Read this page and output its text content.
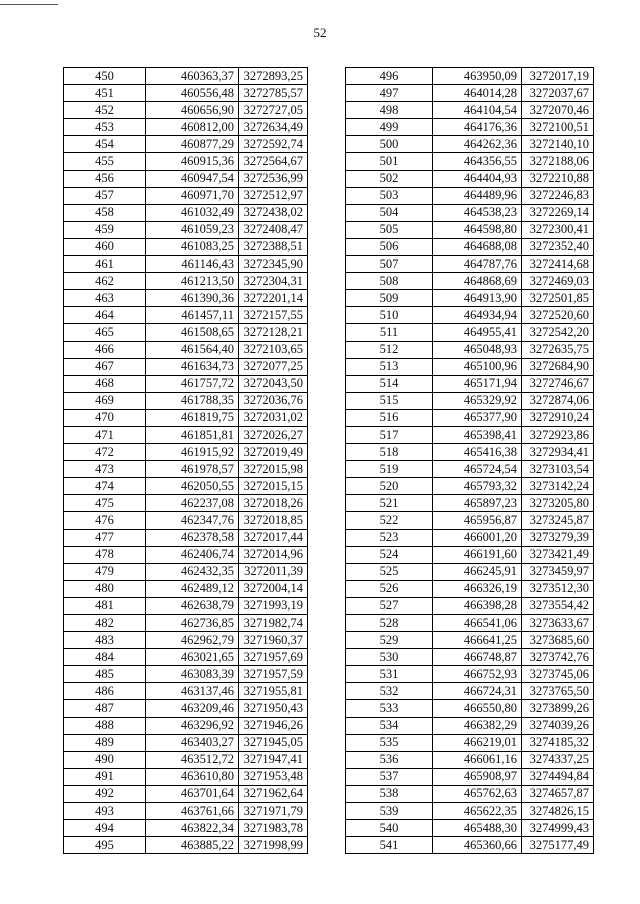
52
450	460363,37	3272893,25
451	460556,48	3272785,57
452	460656,90	3272727,05
453	460812,00	3272634,49
454	460877,29	3272592,74
455	460915,36	3272564,67
456	460947,54	3272536,99
457	460971,70	3272512,97
458	461032,49	3272438,02
459	461059,23	3272408,47
460	461083,25	3272388,51
461	461146,43	3272345,90
462	461213,50	3272304,31
463	461390,36	3272201,14
464	461457,11	3272157,55
465	461508,65	3272128,21
466	461564,40	3272103,65
467	461634,73	3272077,25
468	461757,72	3272043,50
469	461788,35	3272036,76
470	461819,75	3272031,02
471	461851,81	3272026,27
472	461915,92	3272019,49
473	461978,57	3272015,98
474	462050,55	3272015,15
475	462237,08	3272018,26
476	462347,76	3272018,85
477	462378,58	3272017,44
478	462406,74	3272014,96
479	462432,35	3272011,39
480	462489,12	3272004,14
481	462638,79	3271993,19
482	462736,85	3271982,74
483	462962,79	3271960,37
484	463021,65	3271957,69
485	463083,39	3271957,59
486	463137,46	3271955,81
487	463209,46	3271950,43
488	463296,92	3271946,26
489	463403,27	3271945,05
490	463512,72	3271947,41
491	463610,80	3271953,48
492	463701,64	3271962,64
493	463761,66	3271971,79
494	463822,34	3271983,78
495	463885,22	3271998,99
496	463950,09	3272017,19
497	464014,28	3272037,67
498	464104,54	3272070,46
499	464176,36	3272100,51
500	464262,36	3272140,10
501	464356,55	3272188,06
502	464404,93	3272210,88
503	464489,96	3272246,83
504	464538,23	3272269,14
505	464598,80	3272300,41
506	464688,08	3272352,40
507	464787,76	3272414,68
508	464868,69	3272469,03
509	464913,90	3272501,85
510	464934,94	3272520,60
511	464955,41	3272542,20
512	465048,93	3272635,75
513	465100,96	3272684,90
514	465171,94	3272746,67
515	465329,92	3272874,06
516	465377,90	3272910,24
517	465398,41	3272923,86
518	465416,38	3272934,41
519	465724,54	3273103,54
520	465793,32	3273142,24
521	465897,23	3273205,80
522	465956,87	3273245,87
523	466001,20	3273279,39
524	466191,60	3273421,49
525	466245,91	3273459,97
526	466326,19	3273512,30
527	466398,28	3273554,42
528	466541,06	3273633,67
529	466641,25	3273685,60
530	466748,87	3273742,76
531	466752,93	3273745,06
532	466724,31	3273765,50
533	466550,80	3273899,26
534	466382,29	3274039,26
535	466219,01	3274185,32
536	466061,16	3274337,25
537	465908,97	3274494,84
538	465762,63	3274657,87
539	465622,35	3274826,15
540	465488,30	3274999,43
541	465360,66	3275177,49
